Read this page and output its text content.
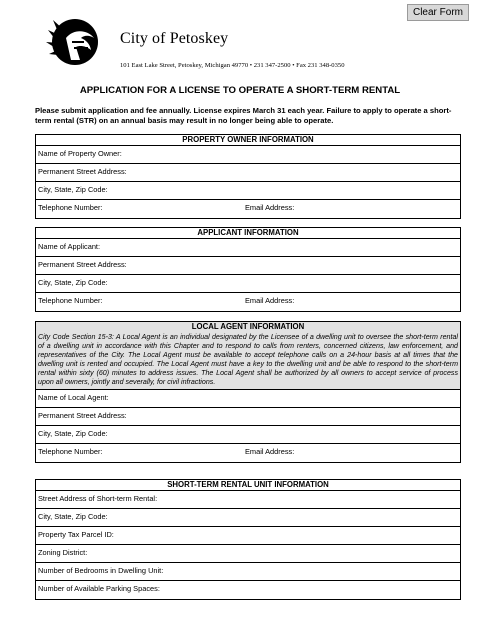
Clear Form
City of Petoskey
101 East Lake Street, Petoskey, Michigan 49770 • 231 347-2500 • Fax 231 348-0350
APPLICATION FOR A LICENSE TO OPERATE A SHORT-TERM RENTAL
Please submit application and fee annually. License expires March 31 each year. Failure to apply to operate a short-term rental (STR) on an annual basis may result in no longer being able to operate.
PROPERTY OWNER INFORMATION
Name of Property Owner:
Permanent Street Address:
City, State, Zip Code:
Telephone Number:	Email Address:
APPLICANT INFORMATION
Name of Applicant:
Permanent Street Address:
City, State, Zip Code:
Telephone Number:	Email Address:
LOCAL AGENT INFORMATION
City Code Section 15-3: A Local Agent is an individual designated by the Licensee of a dwelling unit to oversee the short-term rental of a dwelling unit in accordance with this Chapter and to respond to calls from renters, concerned citizens, law enforcement, and representatives of the City. The Local Agent must be available to accept telephone calls on a 24-hour basis at all times that the dwelling unit is rented and occupied. The Local Agent must have a key to the dwelling unit and be able to respond to the short-term rental within sixty (60) minutes to address issues. The Local Agent shall be authorized by all owners to accept service of process upon all owners, jointly and severally, for civil infractions.
Name of Local Agent:
Permanent Street Address:
City, State, Zip Code:
Telephone Number:	Email Address:
SHORT-TERM RENTAL UNIT INFORMATION
Street Address of Short-term Rental:
City, State, Zip Code:
Property Tax Parcel ID:
Zoning District:
Number of Bedrooms in Dwelling Unit:
Number of Available Parking Spaces:
